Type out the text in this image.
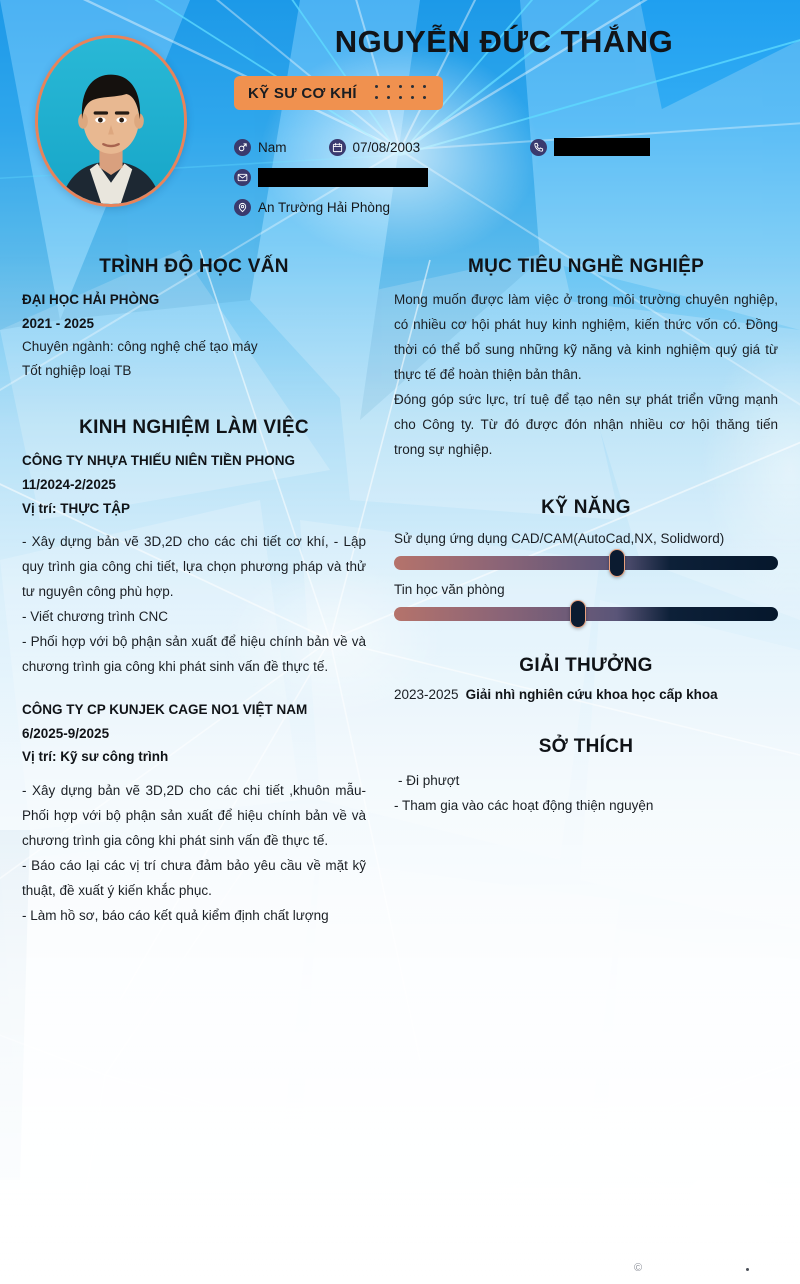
NGUYỄN ĐỨC THẮNG
KỸ SƯ CƠ KHÍ
Nam	07/08/2003
An Trường Hải Phòng
TRÌNH ĐỘ HỌC VẤN
ĐẠI HỌC HẢI PHÒNG
2021 - 2025
Chuyên ngành: công nghệ chế tạo máy
Tốt nghiệp loại TB
KINH NGHIỆM LÀM VIỆC
CÔNG TY NHỰA THIẾU NIÊN TIỀN PHONG
11/2024-2/2025
Vị trí: THỰC TẬP
- Xây dựng bản vẽ 3D,2D cho các chi tiết cơ khí, - Lập quy trình gia công chi tiết, lựa chọn phương pháp và thử tư nguyên công phù hợp.
- Viết chương trình CNC
- Phối hợp với bộ phận sản xuất để hiệu chính bản về và chương trình gia công khi phát sinh vấn đề thực tế.
CÔNG TY CP KUNJEK CAGE NO1 VIỆT NAM
6/2025-9/2025
Vị trí: Kỹ sư công trình
- Xây dựng bản vẽ 3D,2D cho các chi tiết ,khuôn mẫu- Phối hợp với bộ phận sản xuất để hiệu chính bản về và chương trình gia công khi phát sinh vấn đề thực tế.
- Báo cáo lại các vị trí chưa đảm bảo yêu cầu về mặt kỹ thuật, đề xuất ý kiến khắc phục.
- Làm hồ sơ, báo cáo kết quả kiểm định chất lượng
MỤC TIÊU NGHỀ NGHIỆP
Mong muốn được làm việc ở trong môi trường chuyên nghiệp, có nhiều cơ hội phát huy kinh nghiệm, kiến thức vốn có. Đồng thời có thể bổ sung những kỹ năng và kinh nghiệm quý giá từ thực tế để hoàn thiện bản thân.
Đóng góp sức lực, trí tuệ để tạo nên sự phát triển vững mạnh cho Công ty. Từ đó được đón nhận nhiều cơ hội thăng tiến trong sự nghiệp.
KỸ NĂNG
Sử dụng ứng dụng CAD/CAM(AutoCad,NX, Solidword)
Tin học văn phòng
GIẢI THƯỞNG
2023-2025 Giải nhì nghiên cứu khoa học cấp khoa
SỞ THÍCH
- Đi phượt
- Tham gia vào các hoạt động thiện nguyện
©
